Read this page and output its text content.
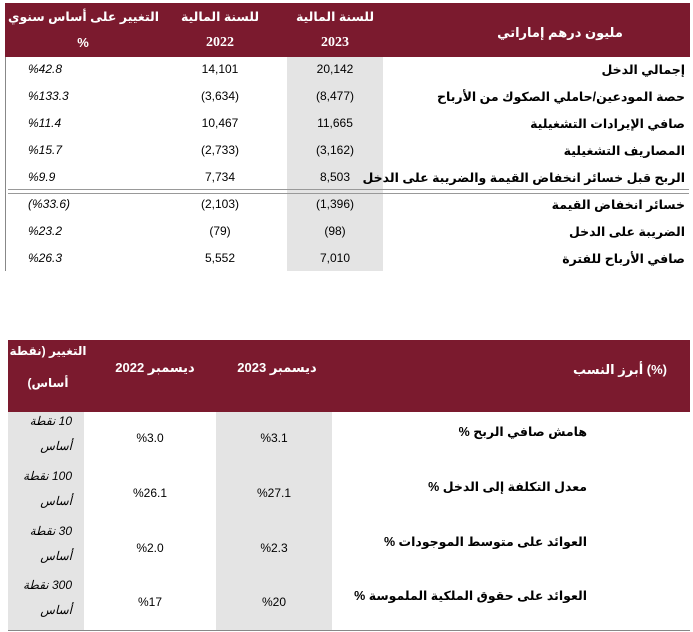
مليون درهم إماراتي
للسنة المالية
2023
للسنة المالية
2022
التغيير على أساس سنوي
%
إجمالي الدخل
20,142
14,101
%42.8
حصة المودعين/حاملي الصكوك من الأرباح
(8,477)
(3,634)
%133.3
صافي الإيرادات التشغيلية
11,665
10,467
%11.4
المصاريف التشغيلية
(3,162)
(2,733)
%15.7
الربح قبل خسائر انخفاض القيمة والضريبة على الدخل
8,503
7,734
%9.9
خسائر انخفاض القيمة
(1,396)
(2,103)
(%33.6)
الضريبة على الدخل
(98)
(79)
%23.2
صافي الأرباح للفترة
7,010
5,552
%26.3
أبرز النسب (%)
ديسمبر 2023
ديسمبر 2022
التغيير (نقطة
أساس)
هامش صافي الربح %
%3.1
%3.0
10 نقطة
أساس
معدل التكلفة إلى الدخل %
%27.1
%26.1
100 نقطة
أساس
العوائد على متوسط الموجودات %
%2.3
%2.0
30 نقطة
أساس
العوائد على حقوق الملكية الملموسة %
%20
%17
300 نقطة
أساس
